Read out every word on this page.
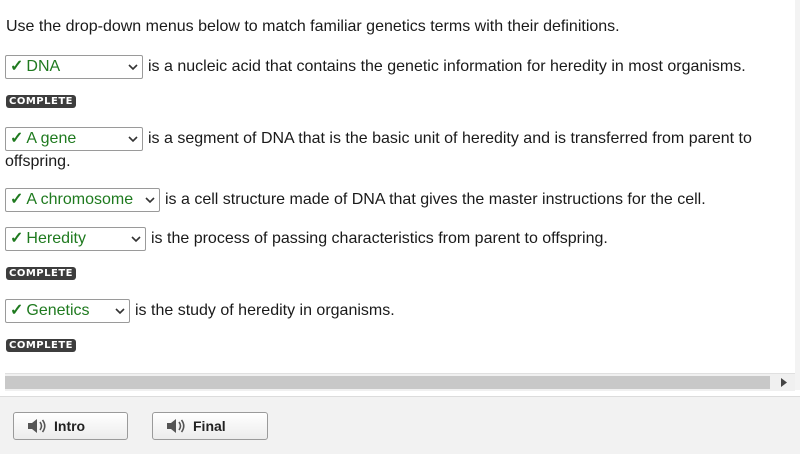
Use the drop-down menus below to match familiar genetics terms with their definitions.
✓ DNA	is a nucleic acid that contains the genetic information for heredity in most organisms.
COMPLETE
✓ A gene	is a segment of DNA that is the basic unit of heredity and is transferred from parent to
offspring.
✓ A chromosome	is a cell structure made of DNA that gives the master instructions for the cell.
✓ Heredity	is the process of passing characteristics from parent to offspring.
COMPLETE
✓ Genetics	is the study of heredity in organisms.
COMPLETE
Intro	Final
